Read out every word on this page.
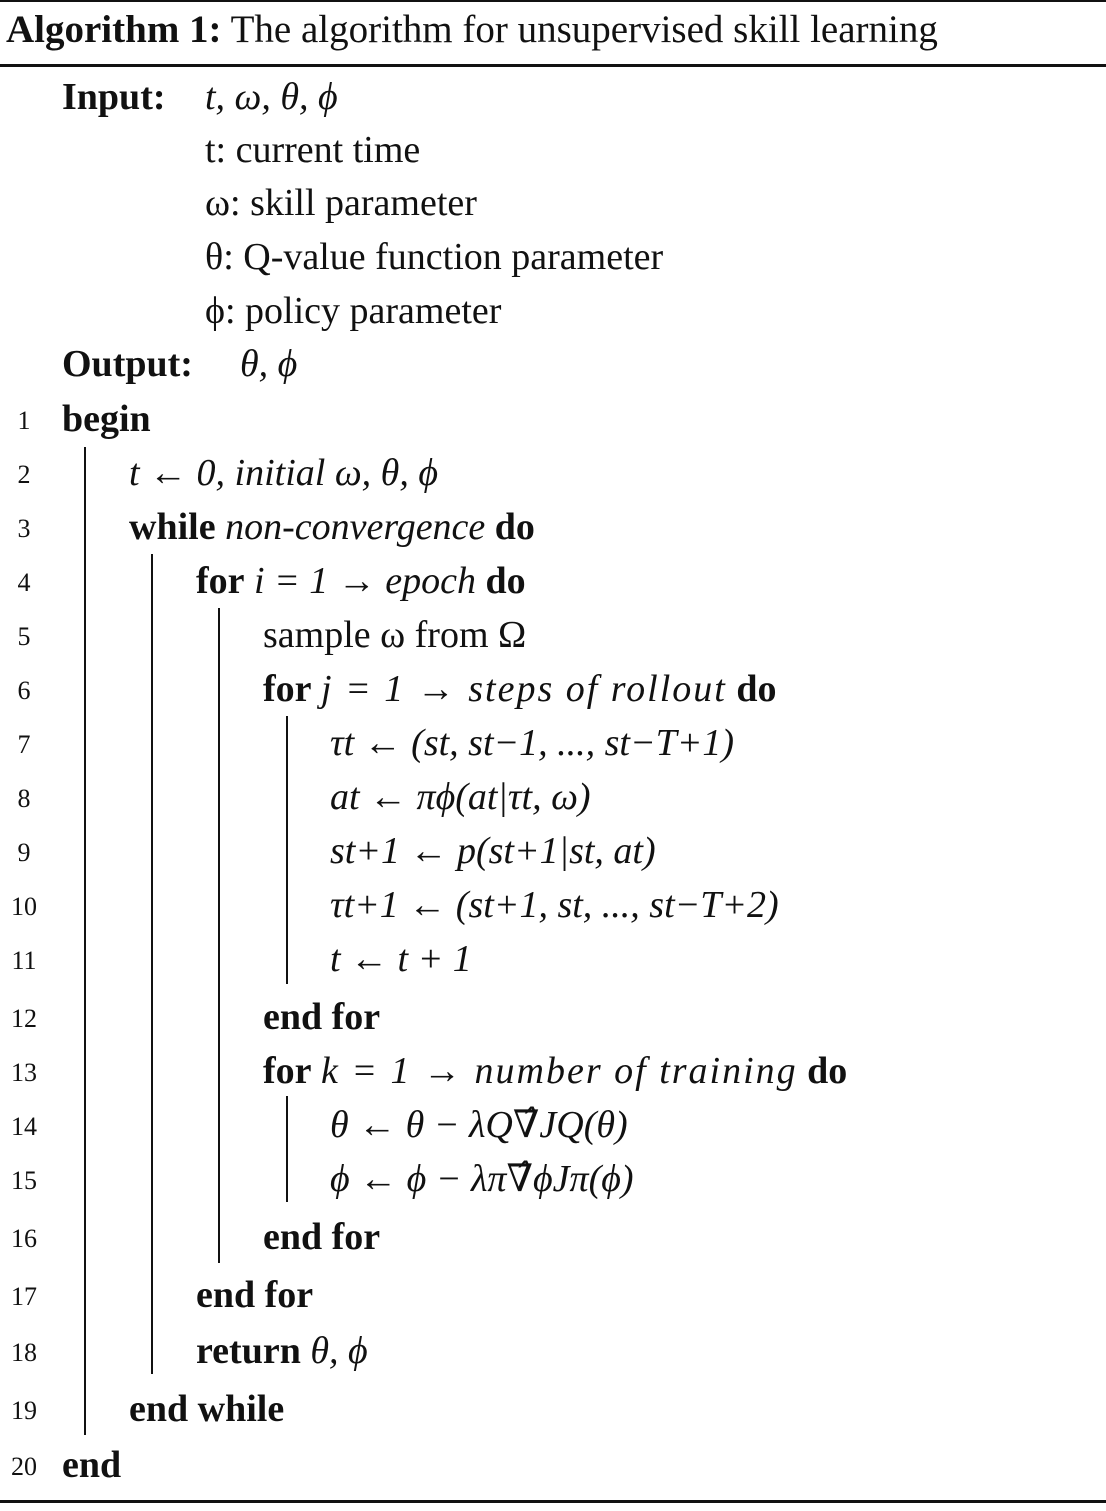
Algorithm 1: The algorithm for unsupervised skill learning
Input: t, ω, θ, ϕ
t: current time
ω: skill parameter
θ: Q-value function parameter
ϕ: policy parameter
Output: θ, ϕ
1
2
3
4
5
6
7
8
9
10
11
12
13
14
15
16
17
18
19
20
begin
t ← 0, initial ω, θ, ϕ
while non-convergence do
for i = 1 → epoch do
sample ω from Ω
for j = 1 → steps of rollout do
τt ← (st, st−1, ..., st−T+1)
at ← πϕ(at|τt, ω)
st+1 ← p(st+1|st, at)
τt+1 ← (st+1, st, ..., st−T+2)
t ← t + 1
end for
for k = 1 → number of training do
θ ← θ − λQ∇̂JQ(θ)
ϕ ← ϕ − λπ∇̂ϕJπ(ϕ)
end for
end for
return θ, ϕ
end while
end
